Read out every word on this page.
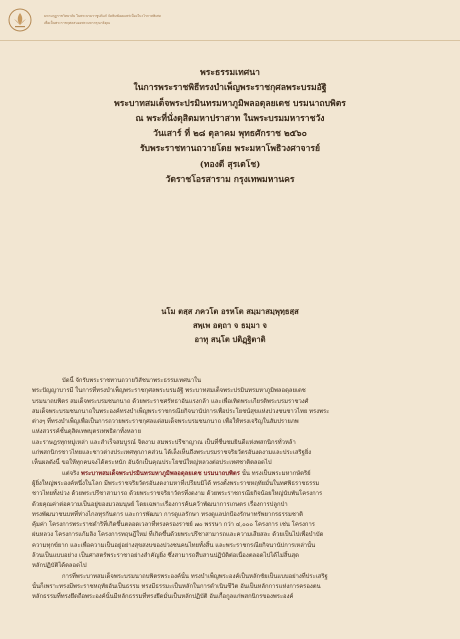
มหามกุฏราชวิทยาลัย ในพระบรมราชูปถัมภ์ จัดพิมพ์เผยแพร่เนื่องในวโรกาสพิเศษ
เพื่อเป็นพระราชกุศลสนองพระมหากรุณาธิคุณ
พระธรรมเทศนา
ในการพระราชพิธีทรงบำเพ็ญพระราชกุศลพระบรมอัฐิ
พระบาทสมเด็จพระปรมินทรมหาภูมิพลอดุลยเดช บรมนาถบพิตร
ณ พระที่นั่งดุสิตมหาปราสาท ในพระบรมมหาราชวัง
วันเสาร์ ที่ ๒๘ ตุลาคม พุทธศักราช ๒๕๖๐
รับพระราชทานถวายโดย พระมหาโพธิวงศาจารย์
(ทองดี สุรเตโช)
วัดราชโอรสาราม กรุงเทพมหานคร
นโม ตสฺส ภควโต อรหโต สมฺมาสมฺพุทฺธสฺส
สพฺเพ อตฺถา จ ธมฺมา จ
อาทุ สนฺโต ปติฏฺฐิตาติ
บัดนี้ จักรับพระราชทานถวายวิสัชนาพระธรรมเทศนาใน
พระปัญญาบารมี ในการที่ทรงบำเพ็ญพระราชกุศลพระบรมอัฐิ พระบาทสมเด็จพระปรมินทรมหาภูมิพลอดุลยเดช
บรมนาถบพิตร สมเด็จพระบรมชนกนาถ ด้วยพระราชศรัทธาอันแรงกล้า และเพื่อเทิดพระเกียรติพระบรมราชวงศ์
สมเด็จพระบรมชนกนาถในพระองค์ทรงบำเพ็ญพระราชกรณียกิจนานัปการเพื่อประโยชน์สุขแห่งปวงชนชาวไทย ทรงพระ
ต่างๆ ที่ทรงบำเพ็ญเพื่อเป็นการถวายพระราชกุศลแด่สมเด็จพระบรมชนกนาถ เพื่อให้ทรงเจริญในสัมปรายภพ
แห่งสวรรค์ชั้นดุสิตเทพบุตรเทพธิดาทั้งหลาย
และราษฎรทุกหมู่เหล่า และสำเร็จสมบูรณ์ จิตงาม สมพระปรีชาญาณ เป็นที่ชื่นชมยินดีแห่งพสกนิกรทั่วหล้า
แก่พสกนิกรชาวไทยและชาวต่างประเทศทุกภาคส่วน ได้เล็งเห็นถึงพระบรมราชจริยวัตรอันงดงามและประเสริฐยิ่ง
เห็นผลดังนี้ ขอให้ทุกคนจงได้ตระหนัก อันจักเป็นคุณประโยชน์ใหญ่หลวงต่อประเทศชาติตลอดไป
แต่จริง พระบาทสมเด็จพระปรมินทรมหาภูมิพลอดุลยเดช บรมนาถบพิตร นั้น ทรงเป็นพระมหากษัตริย์
ผู้ยิ่งใหญ่พระองค์หนึ่งในโลก มีพระราชจริยวัตรอันงดงามหาที่เปรียบมิได้ ทรงตั้งพระราชหฤทัยมั่นในทศพิธราชธรรม
ชาวไทยทั้งปวง ด้วยพระปรีชาสามารถ ด้วยพระราชจริยาวัตรที่งดงาม ด้วยพระราชกรณียกิจน้อยใหญ่นับพันโครงการ
ด้วยคุณค่าต่อความเป็นอยู่ของมวลมนุษย์ โดยเฉพาะเรื่องการค้นคว้าพัฒนาการเกษตร เรื่องการปลูกป่า
ทรงพัฒนาชนบทที่ห่างไกลทุรกันดาร และการพัฒนา การดูแลรักษา ทรงดูแลปกป้องรักษาทรัพยากรธรรมชาติ
คุ้มค่า โครงการพระราชดำริที่เกิดขึ้นตลอดเวลาที่ทรงครองราชย์ ๗๐ พรรษา กว่า ๔,๐๐๐ โครงการ เช่น โครงการ
ฝนหลวง โครงการแก้มลิง โครงการทฤษฎีใหม่ ที่เกิดขึ้นด้วยพระปรีชาสามารถและความเสียสละ ด้วยเป็นไปเพื่อบำบัด
ความทุกข์ยาก และเพื่อความเป็นอยู่อย่างสุขสงบของปวงชนคนไทยทั้งสิ้น และพระราชกรณียกิจนานัปการเหล่านั้น
ล้วนเป็นแบบอย่าง เป็นศาสตร์พระราชาอย่างสำคัญยิ่ง ซึ่งสามารถสืบสานปฏิบัติต่อเนื่องตลอดไปได้ไม่สิ้นสุด
หลักปฏิบัติได้ตลอดไป
การที่พระบาทสมเด็จพระบรมนาถบพิตรพระองค์นั้น ทรงบำเพ็ญพระองค์เป็นหลักชัยเป็นแบบอย่างที่ประเสริฐ
นั้นก็เพราะทรงมีพระราชหฤทัยอันเป็นธรรม ทรงมีธรรมะเป็นหลักในการดำเนินชีวิต อันเป็นหลักการแห่งการครองตน
หลักธรรมที่ทรงยึดถือพระองค์นั้นมีหลักธรรมที่ทรงยึดมั่นเป็นหลักปฏิบัติ อันเกื้อกูลแก่พสกนิกรของพระองค์
